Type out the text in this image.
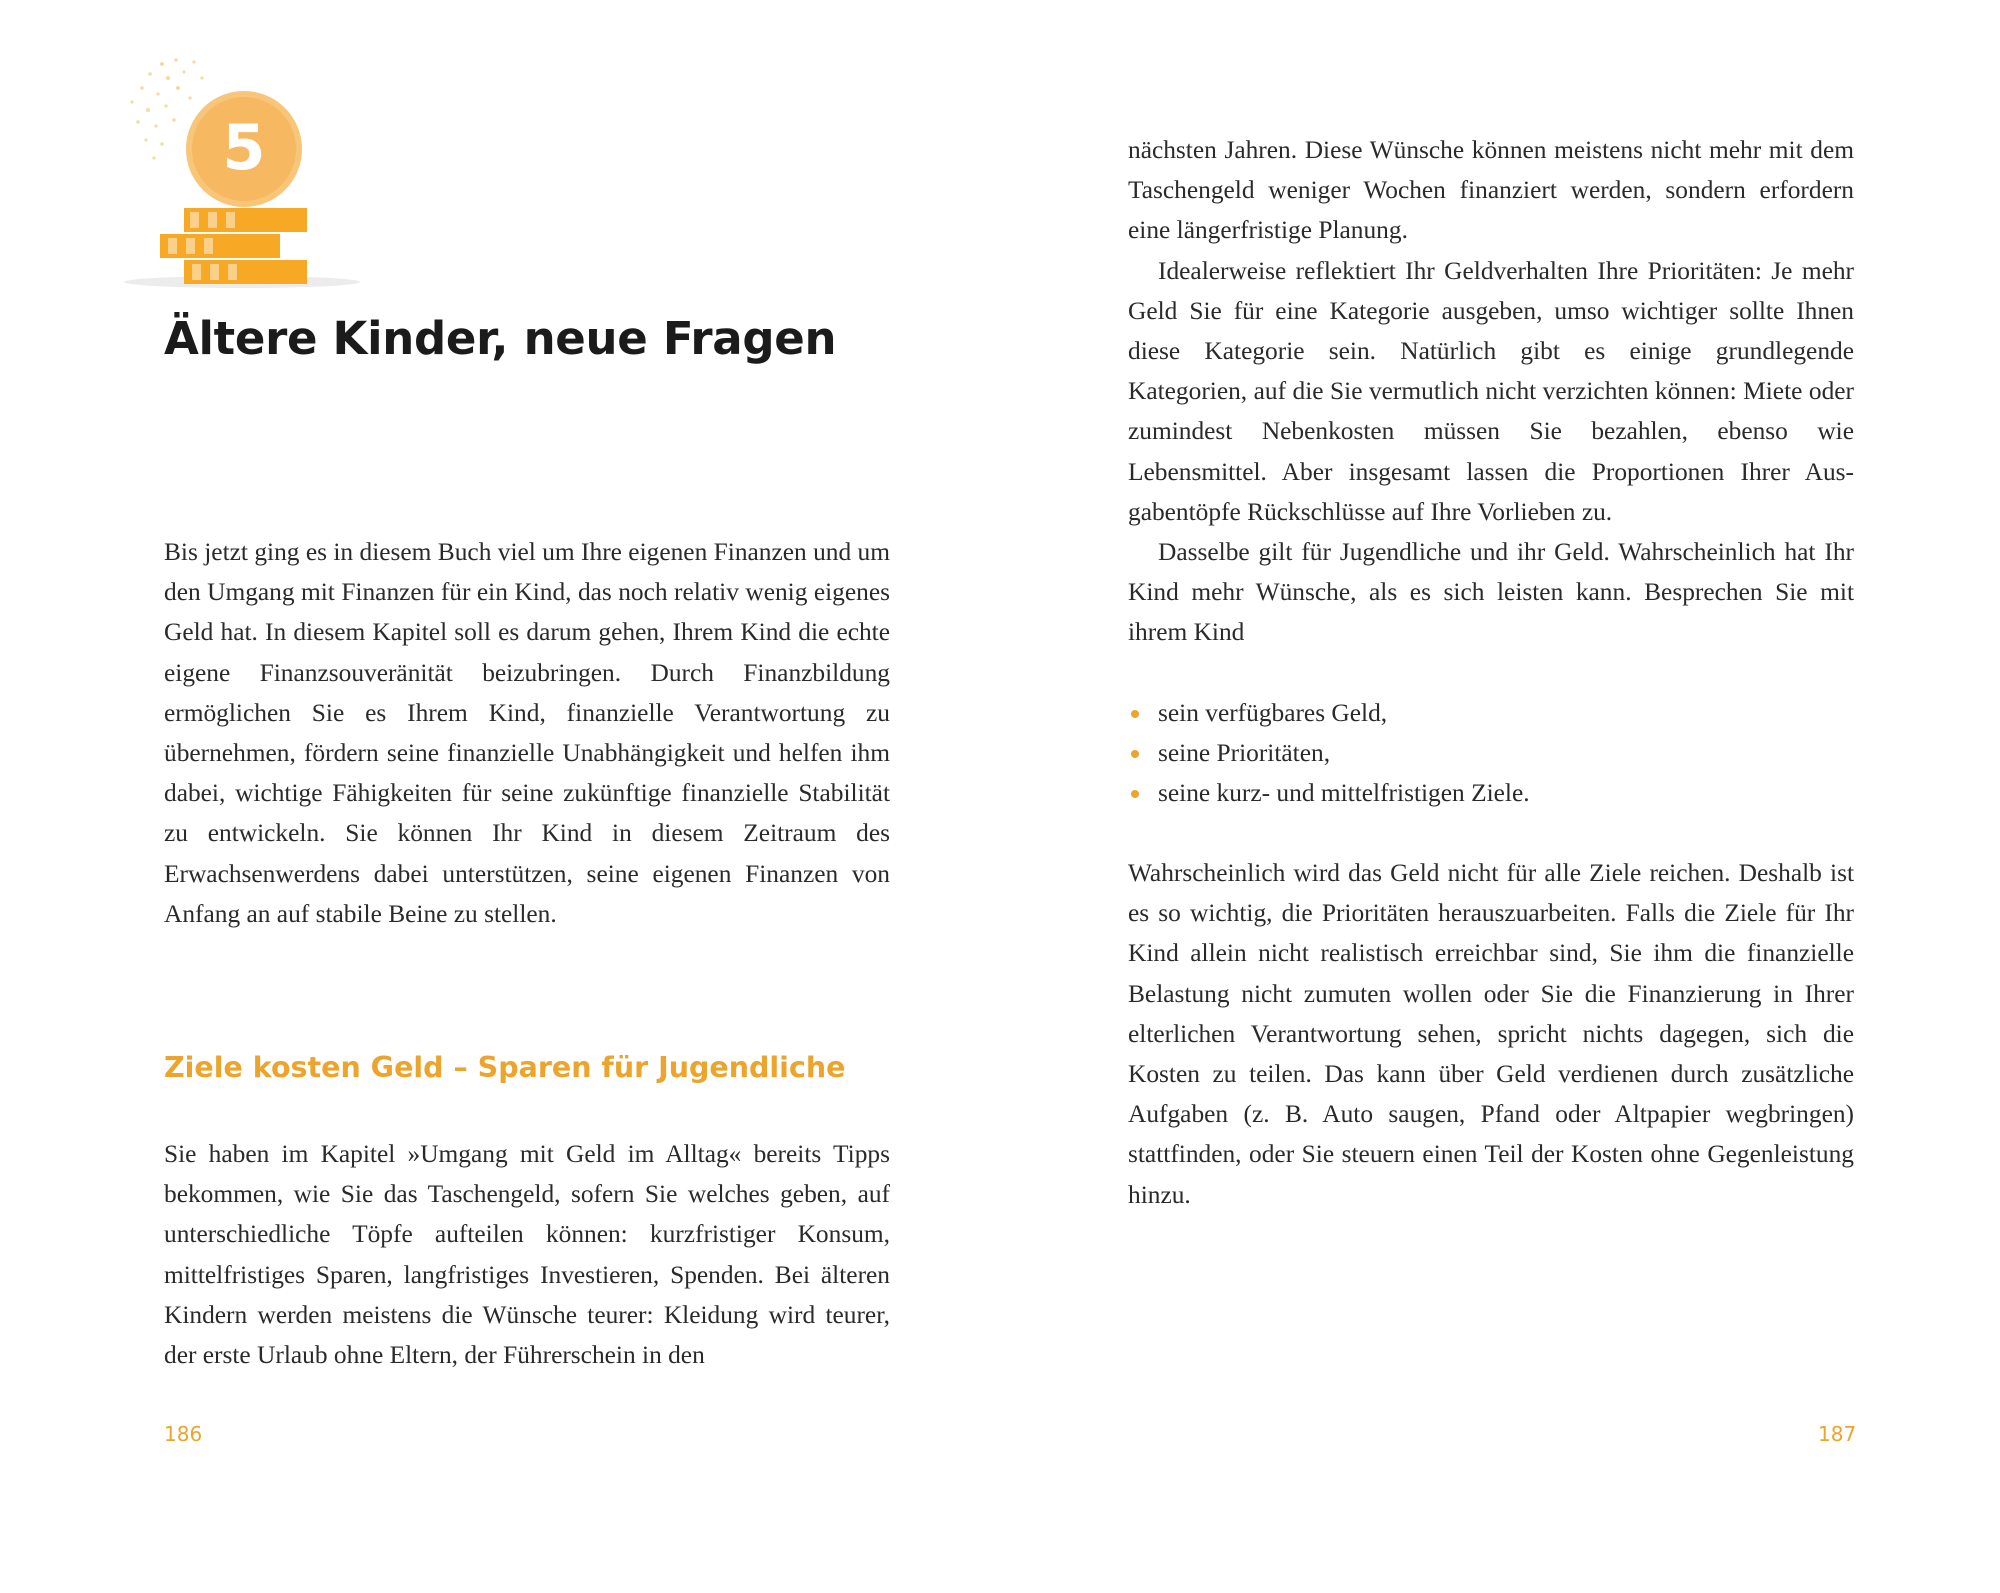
5
Ältere Kinder, neue Fragen

Bis jetzt ging es in diesem Buch viel um Ihre eigenen Finanzen und um den Umgang mit Finanzen für ein Kind, das noch relativ wenig eigenes Geld hat. In diesem Kapitel soll es darum gehen, Ihrem Kind die echte eigene Finanzsouveränität beizubringen. Durch Finanzbildung ermöglichen Sie es Ihrem Kind, finanzielle Verantwortung zu übernehmen, fördern seine finanzielle Unabhängigkeit und helfen ihm dabei, wichtige Fähigkeiten für seine zukünftige finanzielle Stabilität zu entwickeln. Sie können Ihr Kind in diesem Zeitraum des Erwachsenwerdens dabei unterstützen, seine eigenen Finanzen von Anfang an auf stabile Beine zu stellen.

Ziele kosten Geld – Sparen für Jugendliche

Sie haben im Kapitel »Umgang mit Geld im Alltag« bereits Tipps bekommen, wie Sie das Taschengeld, sofern Sie welches geben, auf unterschiedliche Töpfe aufteilen können: kurzfristiger Konsum, mittelfristiges Sparen, langfristiges Investieren, Spenden. Bei älteren Kindern werden meistens die Wünsche teurer: Kleidung wird teurer, der erste Urlaub ohne Eltern, der Führerschein in den

186

nächsten Jahren. Diese Wünsche können meistens nicht mehr mit dem Taschengeld weniger Wochen finanziert werden, sondern erfordern eine längerfristige Planung.

Idealerweise reflektiert Ihr Geldverhalten Ihre Prioritäten: Je mehr Geld Sie für eine Kategorie ausgeben, umso wichtiger sollte Ihnen diese Kategorie sein. Natürlich gibt es einige grundlegende Kategorien, auf die Sie vermutlich nicht verzichten können: Miete oder zumindest Nebenkosten müssen Sie bezahlen, ebenso wie Lebensmittel. Aber insgesamt lassen die Proportionen Ihrer Ausgabentöpfe Rückschlüsse auf Ihre Vorlieben zu.

Dasselbe gilt für Jugendliche und ihr Geld. Wahrscheinlich hat Ihr Kind mehr Wünsche, als es sich leisten kann. Besprechen Sie mit ihrem Kind

sein verfügbares Geld,
seine Prioritäten,
seine kurz- und mittelfristigen Ziele.

Wahrscheinlich wird das Geld nicht für alle Ziele reichen. Deshalb ist es so wichtig, die Prioritäten herauszuarbeiten. Falls die Ziele für Ihr Kind allein nicht realistisch erreichbar sind, Sie ihm die finanzielle Belastung nicht zumuten wollen oder Sie die Finanzierung in Ihrer elterlichen Verantwortung sehen, spricht nichts dagegen, sich die Kosten zu teilen. Das kann über Geld verdienen durch zusätzliche Aufgaben (z. B. Auto saugen, Pfand oder Altpapier wegbringen) stattfinden, oder Sie steuern einen Teil der Kosten ohne Gegenleistung hinzu.

187
